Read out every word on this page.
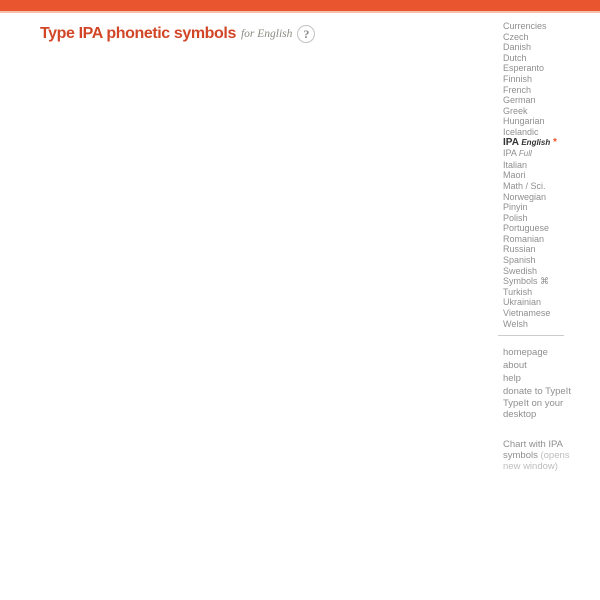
Type IPA phonetic symbols for English ?
Currencies
Czech
Danish
Dutch
Esperanto
Finnish
French
German
Greek
Hungarian
Icelandic
IPA English *
IPA Full
Italian
Maori
Math / Sci.
Norwegian
Pinyin
Polish
Portuguese
Romanian
Russian
Spanish
Swedish
Symbols ⌘
Turkish
Ukrainian
Vietnamese
Welsh
homepage
about
help
donate to TypeIt
TypeIt on your desktop
Chart with IPA symbols (opens new window)
